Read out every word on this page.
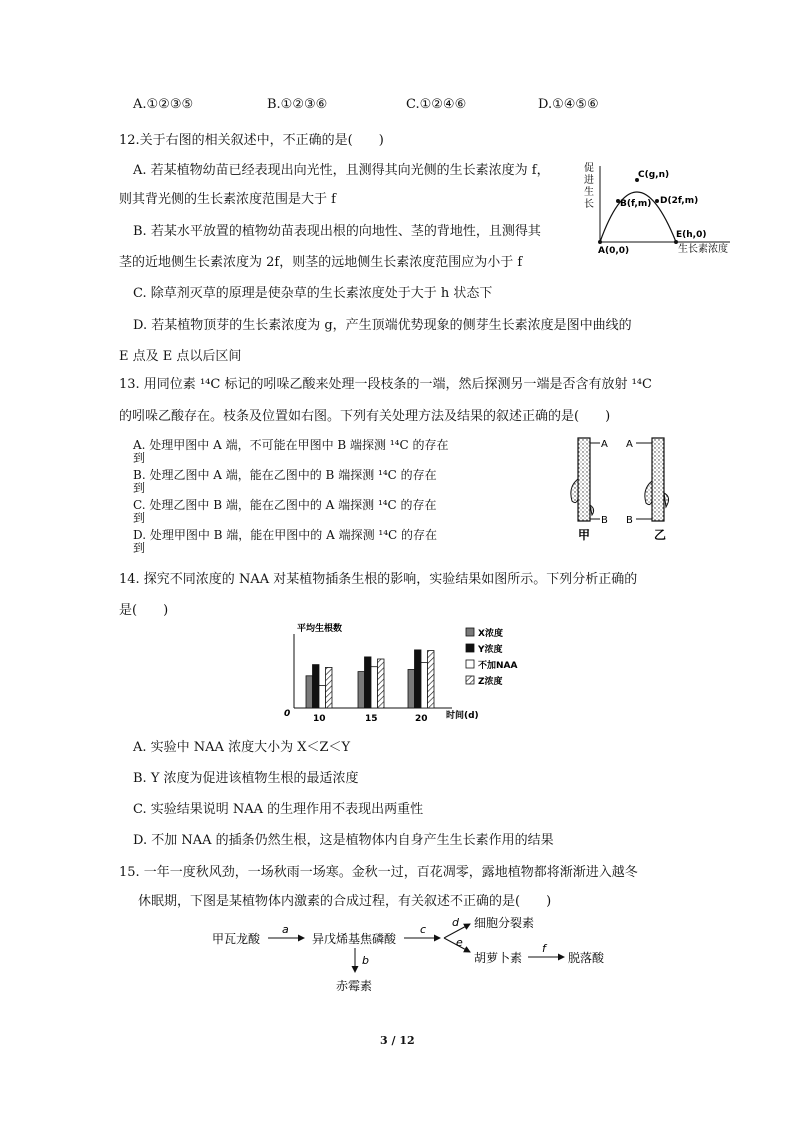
A.①②③⑤	B.①②③⑥	C.①②④⑥	D.①④⑤⑥
12.关于右图的相关叙述中，不正确的是(　　)
A. 若某植物幼苗已经表现出向光性，且测得其向光侧的生长素浓度为 f，
则其背光侧的生长素浓度范围是大于 f
B. 若某水平放置的植物幼苗表现出根的向地性、茎的背地性，且测得其
茎的近地侧生长素浓度为 2f，则茎的远地侧生长素浓度范围应为小于 f
C. 除草剂灭草的原理是使杂草的生长素浓度处于大于 h 状态下
D. 若某植物顶芽的生长素浓度为 g，产生顶端优势现象的侧芽生长素浓度是图中曲线的
E 点及 E 点以后区间
促
进
生
长
A(0,0)
B(f,m)
C(g,n)
D(2f,m)
E(h,0)
生长素浓度
13. 用同位素 ¹⁴C 标记的吲哚乙酸来处理一段枝条的一端，然后探测另一端是否含有放射 ¹⁴C
的吲哚乙酸存在。枝条及位置如右图。下列有关处理方法及结果的叙述正确的是(　　)
A. 处理甲图中 A 端，不可能在甲图中 B 端探测 ¹⁴C 的存在
到
B. 处理乙图中 A 端，能在乙图中的 B 端探测 ¹⁴C 的存在
到
C. 处理乙图中 B 端，能在乙图中的 A 端探测 ¹⁴C 的存在
到
D. 处理甲图中 B 端，能在甲图中的 A 端探测 ¹⁴C 的存在
到
A
B
甲
A
B
乙
14. 探究不同浓度的 NAA 对某植物插条生根的影响，实验结果如图所示。下列分析正确的
是(　　)
平均生根数
0	10	15	20 时间(d)
X浓度
Y浓度
不加NAA
Z浓度
A. 实验中 NAA 浓度大小为 X＜Z＜Y
B. Y 浓度为促进该植物生根的最适浓度
C. 实验结果说明 NAA 的生理作用不表现出两重性
D. 不加 NAA 的插条仍然生根，这是植物体内自身产生生长素作用的结果
15. 一年一度秋风劲，一场秋雨一场寒。金秋一过，百花凋零，露地植物都将渐渐进入越冬
休眠期，下图是某植物体内激素的合成过程，有关叙述不正确的是(　　)
甲瓦龙酸
a
异戊烯基焦磷酸
b
赤霉素
c
d
e
细胞分裂素
胡萝卜素
f
脱落酸
3 / 12
